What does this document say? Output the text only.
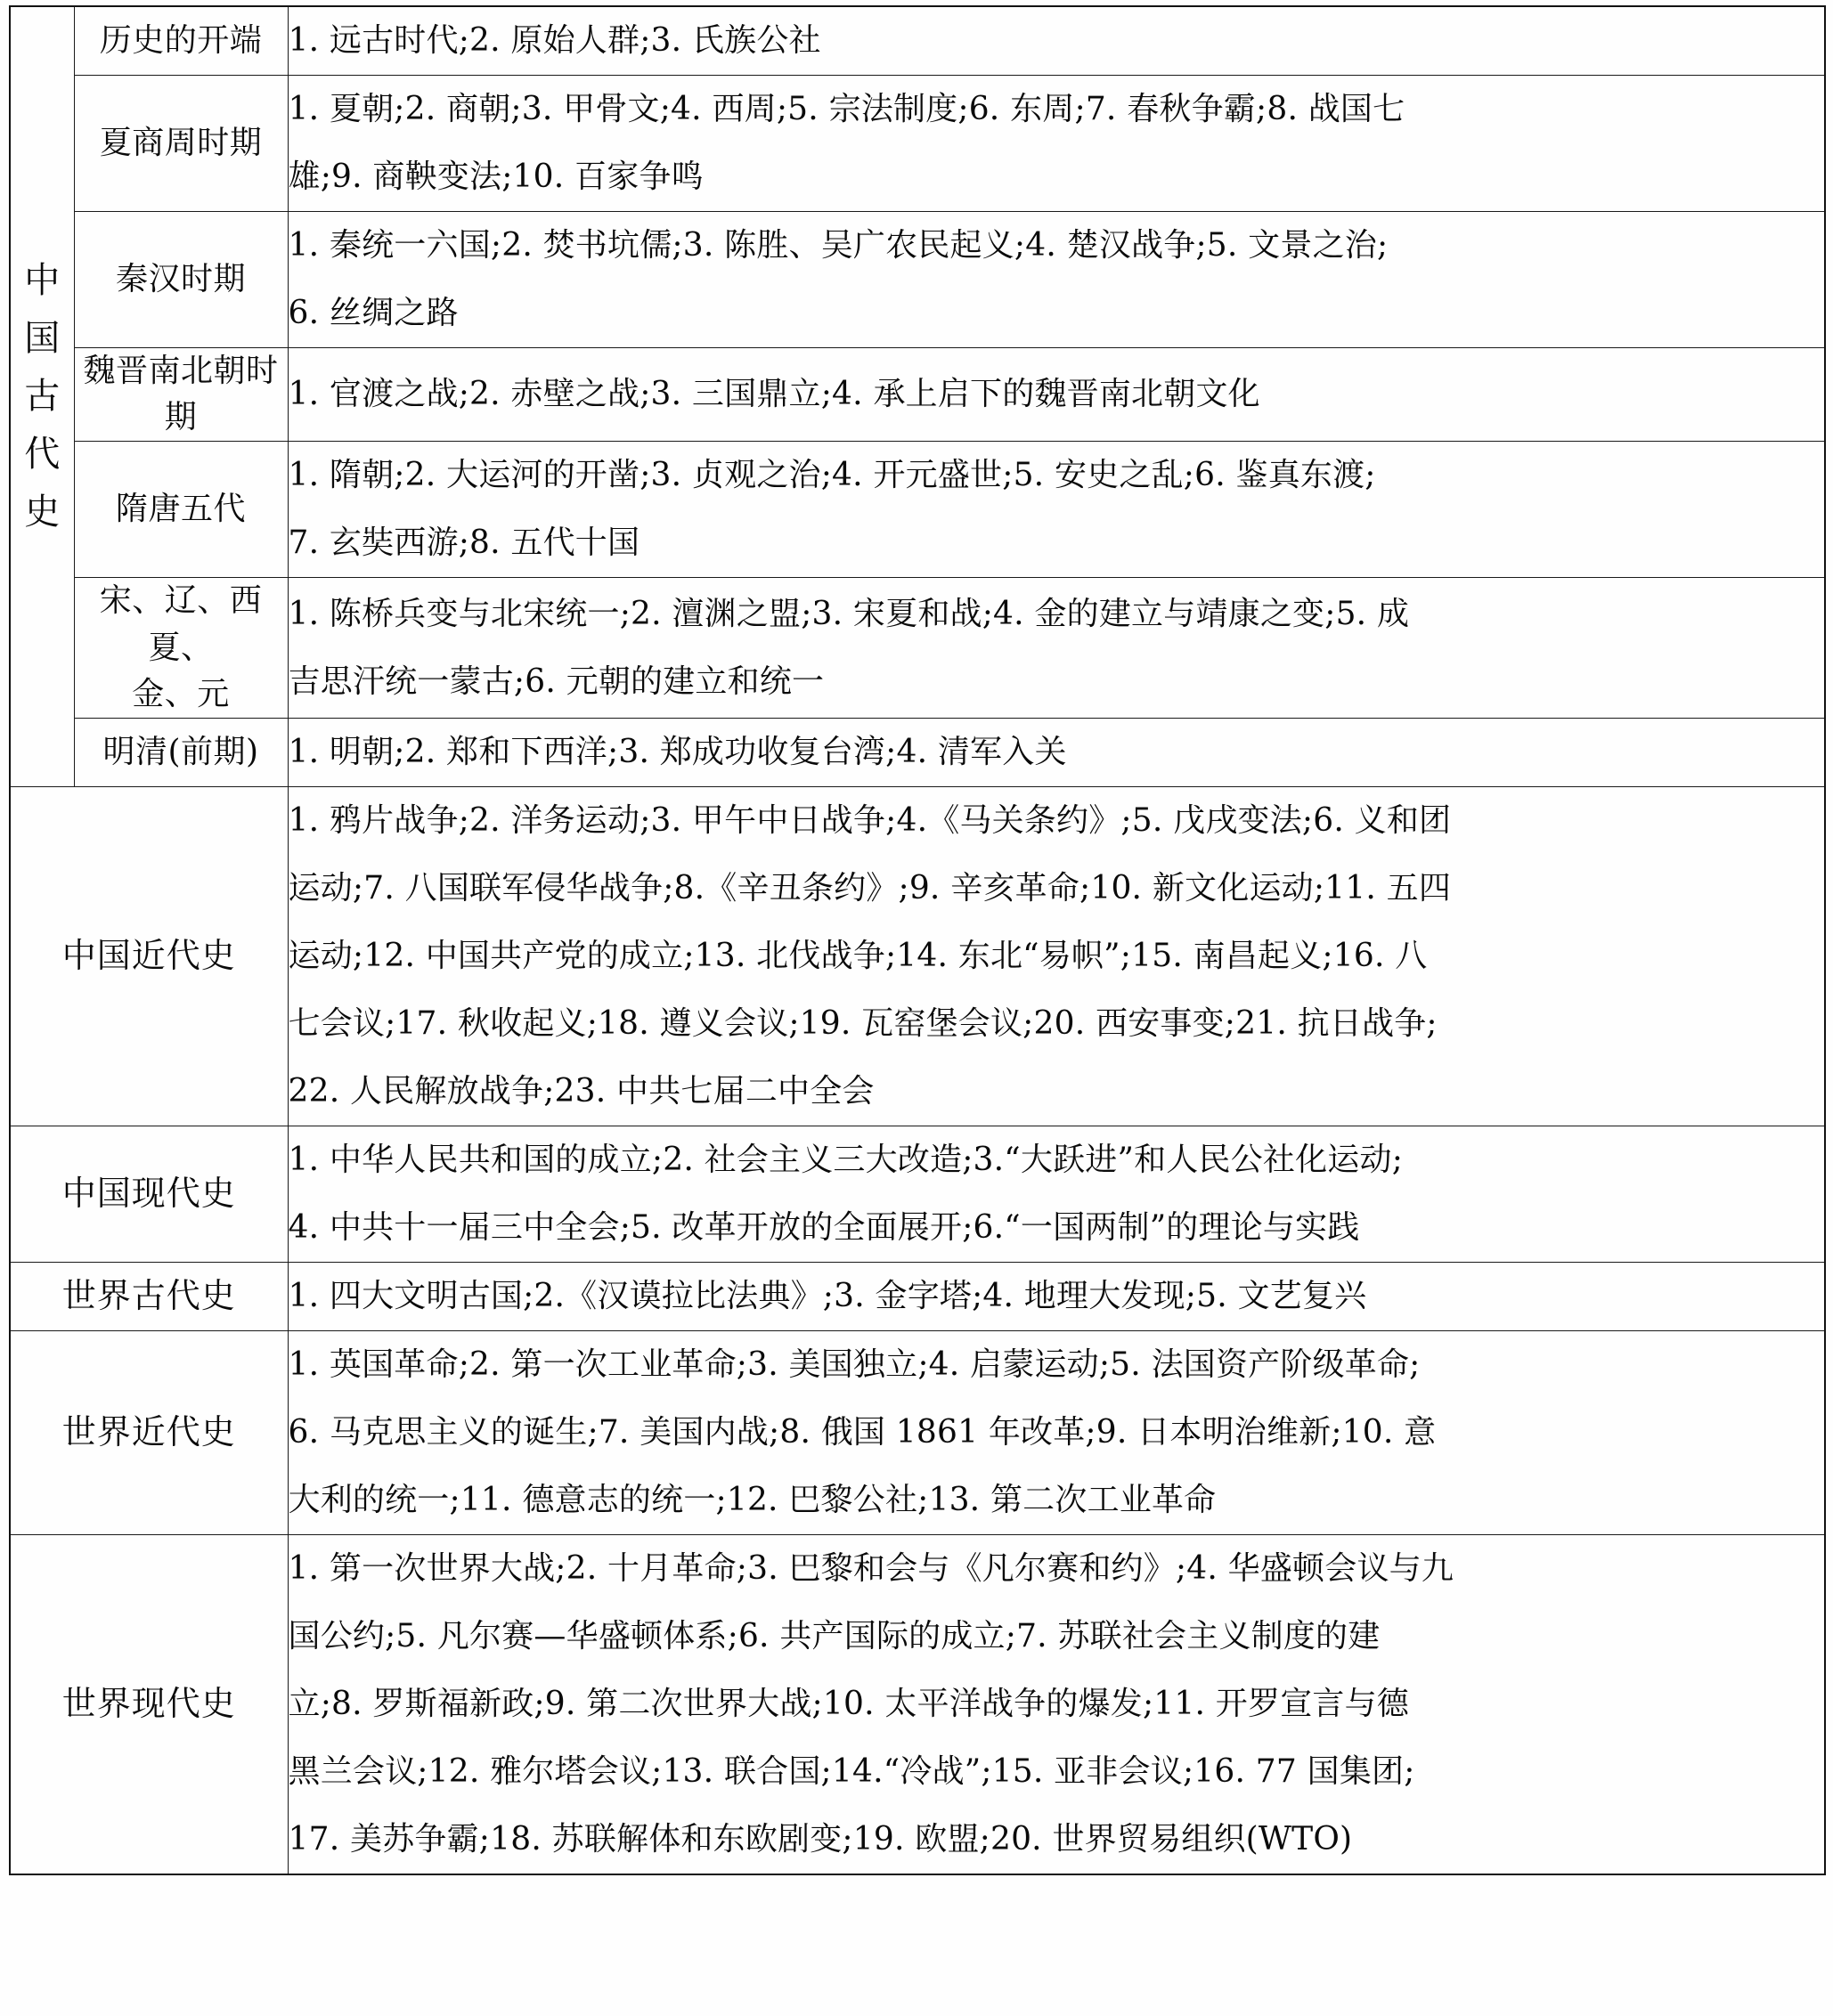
中
国
古
代
史	历史的开端	1. 远古时代;2. 原始人群;3. 氏族公社

	夏商周时期	1. 夏朝;2. 商朝;3. 甲骨文;4. 西周;5. 宗法制度;6. 东周;7. 春秋争霸;8. 战国七
雄;9. 商鞅变法;10. 百家争鸣

	秦汉时期	1. 秦统一六国;2. 焚书坑儒;3. 陈胜、吴广农民起义;4. 楚汉战争;5. 文景之治;
6. 丝绸之路

	魏晋南北朝时期	1. 官渡之战;2. 赤壁之战;3. 三国鼎立;4. 承上启下的魏晋南北朝文化

	隋唐五代	1. 隋朝;2. 大运河的开凿;3. 贞观之治;4. 开元盛世;5. 安史之乱;6. 鉴真东渡;
7. 玄奘西游;8. 五代十国

	宋、辽、西夏、
金、元	1. 陈桥兵变与北宋统一;2. 澶渊之盟;3. 宋夏和战;4. 金的建立与靖康之变;5. 成
吉思汗统一蒙古;6. 元朝的建立和统一

	明清(前期)	1. 明朝;2. 郑和下西洋;3. 郑成功收复台湾;4. 清军入关

中国近代史		1. 鸦片战争;2. 洋务运动;3. 甲午中日战争;4.《马关条约》;5. 戊戌变法;6. 义和团
运动;7. 八国联军侵华战争;8.《辛丑条约》;9. 辛亥革命;10. 新文化运动;11. 五四
运动;12. 中国共产党的成立;13. 北伐战争;14. 东北“易帜”;15. 南昌起义;16. 八
七会议;17. 秋收起义;18. 遵义会议;19. 瓦窑堡会议;20. 西安事变;21. 抗日战争;
22. 人民解放战争;23. 中共七届二中全会

中国现代史		1. 中华人民共和国的成立;2. 社会主义三大改造;3.“大跃进”和人民公社化运动;
4. 中共十一届三中全会;5. 改革开放的全面展开;6.“一国两制”的理论与实践

世界古代史		1. 四大文明古国;2.《汉谟拉比法典》;3. 金字塔;4. 地理大发现;5. 文艺复兴

世界近代史		1. 英国革命;2. 第一次工业革命;3. 美国独立;4. 启蒙运动;5. 法国资产阶级革命;
6. 马克思主义的诞生;7. 美国内战;8. 俄国 1861 年改革;9. 日本明治维新;10. 意
大利的统一;11. 德意志的统一;12. 巴黎公社;13. 第二次工业革命

世界现代史		1. 第一次世界大战;2. 十月革命;3. 巴黎和会与《凡尔赛和约》;4. 华盛顿会议与九
国公约;5. 凡尔赛—华盛顿体系;6. 共产国际的成立;7. 苏联社会主义制度的建
立;8. 罗斯福新政;9. 第二次世界大战;10. 太平洋战争的爆发;11. 开罗宣言与德
黑兰会议;12. 雅尔塔会议;13. 联合国;14.“冷战”;15. 亚非会议;16. 77 国集团;
17. 美苏争霸;18. 苏联解体和东欧剧变;19. 欧盟;20. 世界贸易组织(WTO)
